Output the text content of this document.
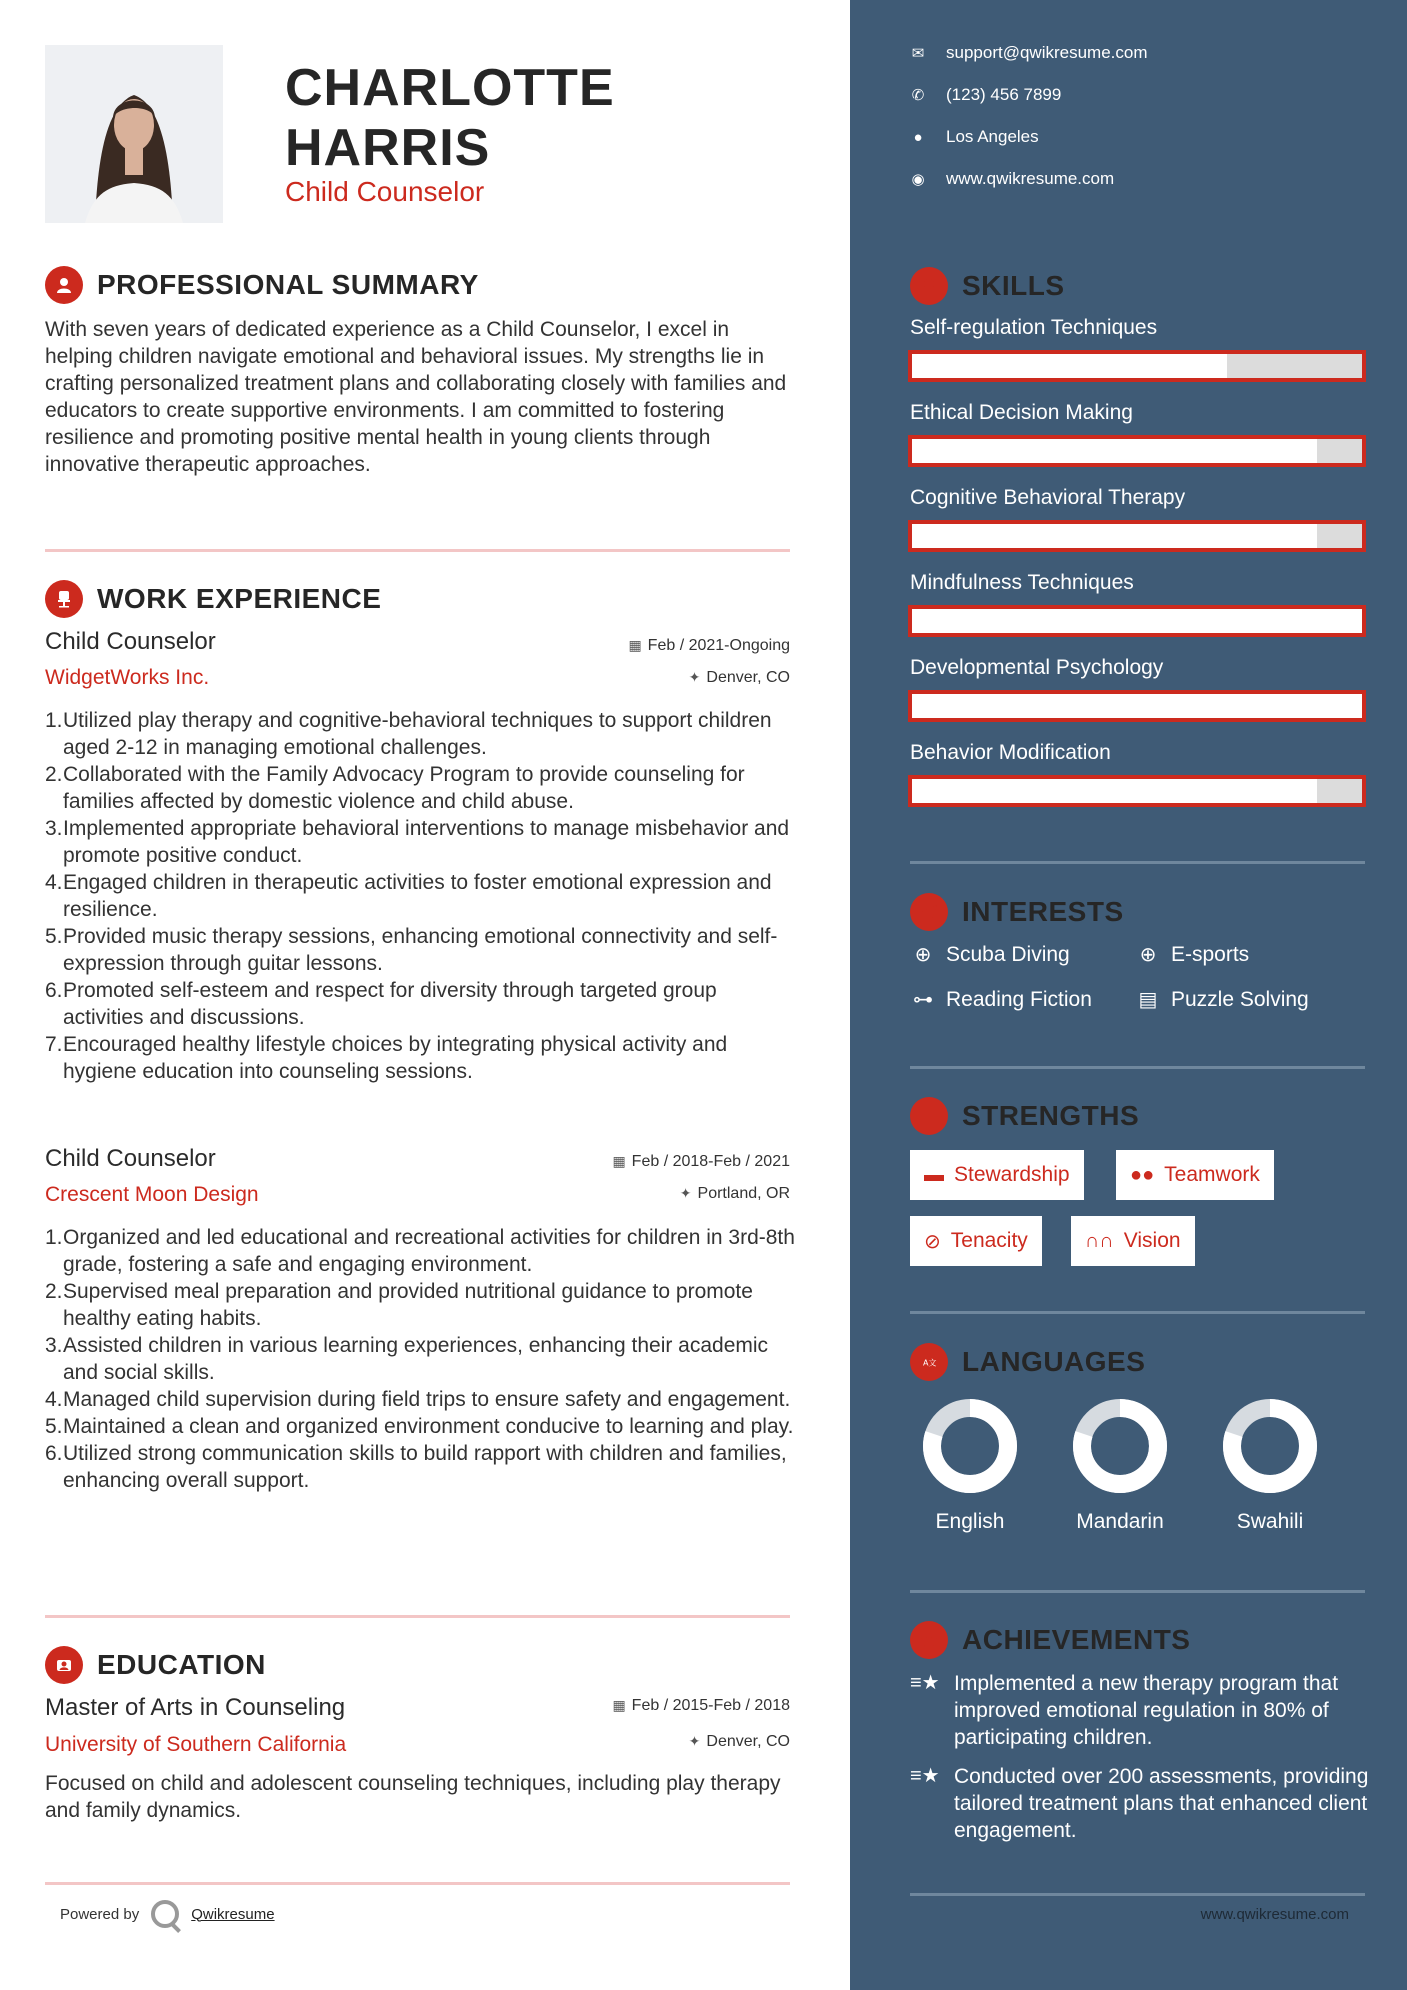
CHARLOTTE
HARRIS
Child Counselor
PROFESSIONAL SUMMARY
With seven years of dedicated experience as a Child Counselor, I excel in helping children navigate emotional and behavioral issues. My strengths lie in crafting personalized treatment plans and collaborating closely with families and educators to create supportive environments. I am committed to fostering resilience and promoting positive mental health in young clients through innovative therapeutic approaches.
WORK EXPERIENCE
Child Counselor
WidgetWorks Inc.
▦ Feb / 2021-Ongoing
✦ Denver, CO
1. Utilized play therapy and cognitive-behavioral techniques to support children aged 2-12 in managing emotional challenges.
2. Collaborated with the Family Advocacy Program to provide counseling for families affected by domestic violence and child abuse.
3. Implemented appropriate behavioral interventions to manage misbehavior and promote positive conduct.
4. Engaged children in therapeutic activities to foster emotional expression and resilience.
5. Provided music therapy sessions, enhancing emotional connectivity and self-expression through guitar lessons.
6. Promoted self-esteem and respect for diversity through targeted group activities and discussions.
7. Encouraged healthy lifestyle choices by integrating physical activity and hygiene education into counseling sessions.
Child Counselor
Crescent Moon Design
▦ Feb / 2018-Feb / 2021
✦ Portland, OR
1. Organized and led educational and recreational activities for children in 3rd-8th grade, fostering a safe and engaging environment.
2. Supervised meal preparation and provided nutritional guidance to promote healthy eating habits.
3. Assisted children in various learning experiences, enhancing their academic and social skills.
4. Managed child supervision during field trips to ensure safety and engagement.
5. Maintained a clean and organized environment conducive to learning and play.
6. Utilized strong communication skills to build rapport with children and families, enhancing overall support.
EDUCATION
Master of Arts in Counseling
University of Southern California
▦ Feb / 2015-Feb / 2018
✦ Denver, CO
Focused on child and adolescent counseling techniques, including play therapy and family dynamics.
Powered by	Qwikresume
✉ support@qwikresume.com
✆ (123) 456 7899
● Los Angeles
◉ www.qwikresume.com
SKILLS
Self-regulation Techniques
Ethical Decision Making
Cognitive Behavioral Therapy
Mindfulness Techniques
Developmental Psychology
Behavior Modification
INTERESTS
⊕ Scuba Diving	⊕ E-sports
⊶ Reading Fiction ▤ Puzzle Solving
STRENGTHS
▬ Stewardship	●● Teamwork
⊘ Tenacity	∩∩ Vision
A文 LANGUAGES
English	Mandarin	Swahili
ACHIEVEMENTS
≡★ Implemented a new therapy program that improved emotional regulation in 80% of participating children.
≡★ Conducted over 200 assessments, providing tailored treatment plans that enhanced client engagement.
www.qwikresume.com
